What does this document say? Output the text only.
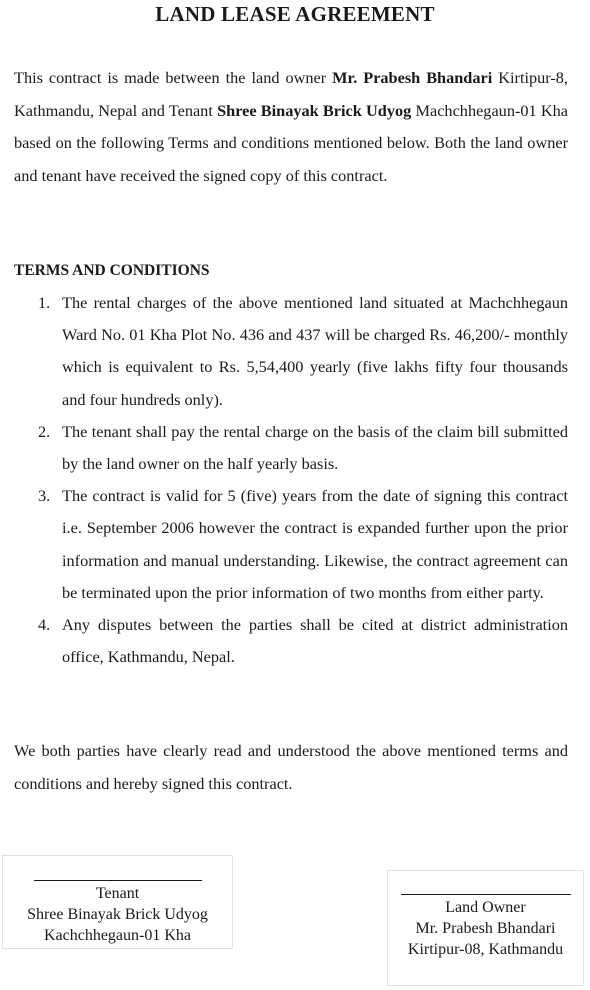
LAND LEASE AGREEMENT

This contract is made between the land owner Mr. Prabesh Bhandari Kirtipur-8, Kathmandu, Nepal and Tenant Shree Binayak Brick Udyog Machchhegaun-01 Kha based on the following Terms and conditions mentioned below. Both the land owner and tenant have received the signed copy of this contract.

TERMS AND CONDITIONS
1. The rental charges of the above mentioned land situated at Machchhegaun Ward No. 01 Kha Plot No. 436 and 437 will be charged Rs. 46,200/- monthly which is equivalent to Rs. 5,54,400 yearly (five lakhs fifty four thousands and four hundreds only).
2. The tenant shall pay the rental charge on the basis of the claim bill submitted by the land owner on the half yearly basis.
3. The contract is valid for 5 (five) years from the date of signing this contract i.e. September 2006 however the contract is expanded further upon the prior information and manual understanding. Likewise, the contract agreement can be terminated upon the prior information of two months from either party.
4. Any disputes between the parties shall be cited at district administration office, Kathmandu, Nepal.

We both parties have clearly read and understood the above mentioned terms and conditions and hereby signed this contract.

Tenant
Shree Binayak Brick Udyog
Kachchhegaun-01 Kha
Land Owner
Mr. Prabesh Bhandari
Kirtipur-08, Kathmandu
